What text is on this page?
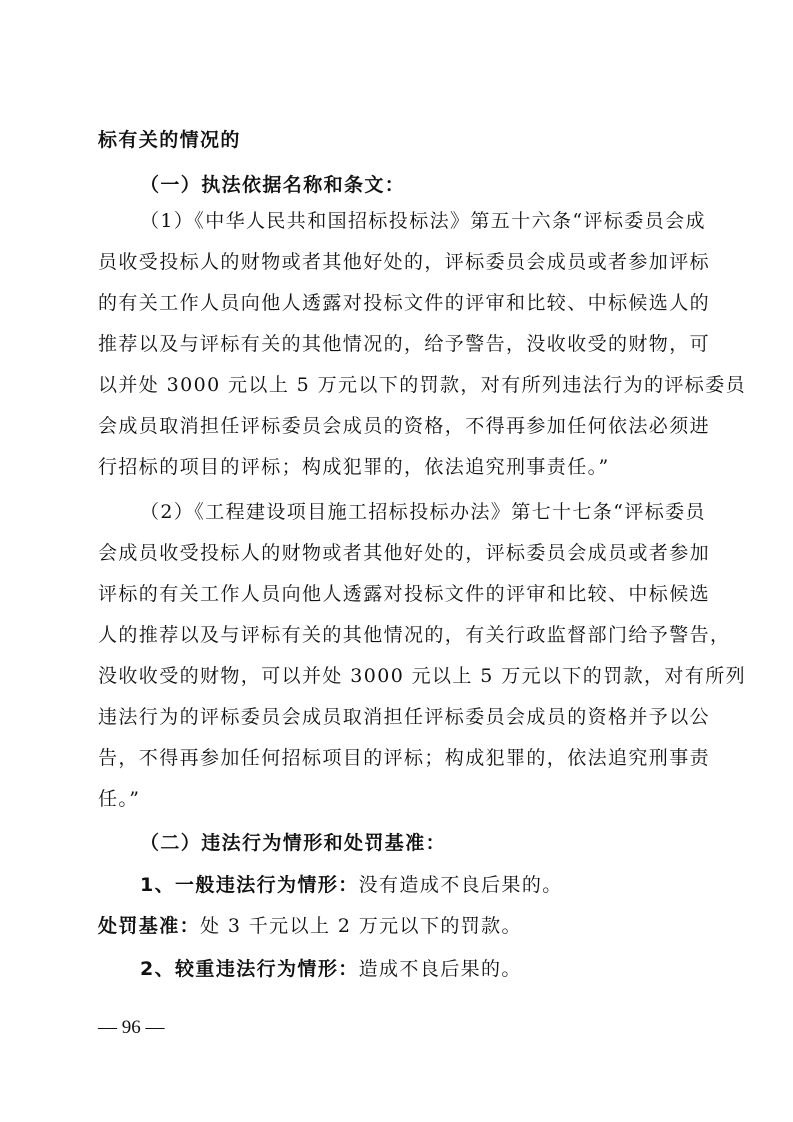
标有关的情况的
（一）执法依据名称和条文：
（1）《中华人民共和国招标投标法》第五十六条“评标委员会成
员收受投标人的财物或者其他好处的，评标委员会成员或者参加评标
的有关工作人员向他人透露对投标文件的评审和比较、中标候选人的
推荐以及与评标有关的其他情况的，给予警告，没收收受的财物，可
以并处 3000 元以上 5 万元以下的罚款，对有所列违法行为的评标委员
会成员取消担任评标委员会成员的资格，不得再参加任何依法必须进
行招标的项目的评标；构成犯罪的，依法追究刑事责任。”
（2）《工程建设项目施工招标投标办法》第七十七条“评标委员
会成员收受投标人的财物或者其他好处的，评标委员会成员或者参加
评标的有关工作人员向他人透露对投标文件的评审和比较、中标候选
人的推荐以及与评标有关的其他情况的，有关行政监督部门给予警告，
没收收受的财物，可以并处 3000 元以上 5 万元以下的罚款，对有所列
违法行为的评标委员会成员取消担任评标委员会成员的资格并予以公
告，不得再参加任何招标项目的评标；构成犯罪的，依法追究刑事责
任。”
（二）违法行为情形和处罚基准：
1、一般违法行为情形：没有造成不良后果的。
处罚基准：处 3 千元以上 2 万元以下的罚款。
2、较重违法行为情形：造成不良后果的。
— 96 —
